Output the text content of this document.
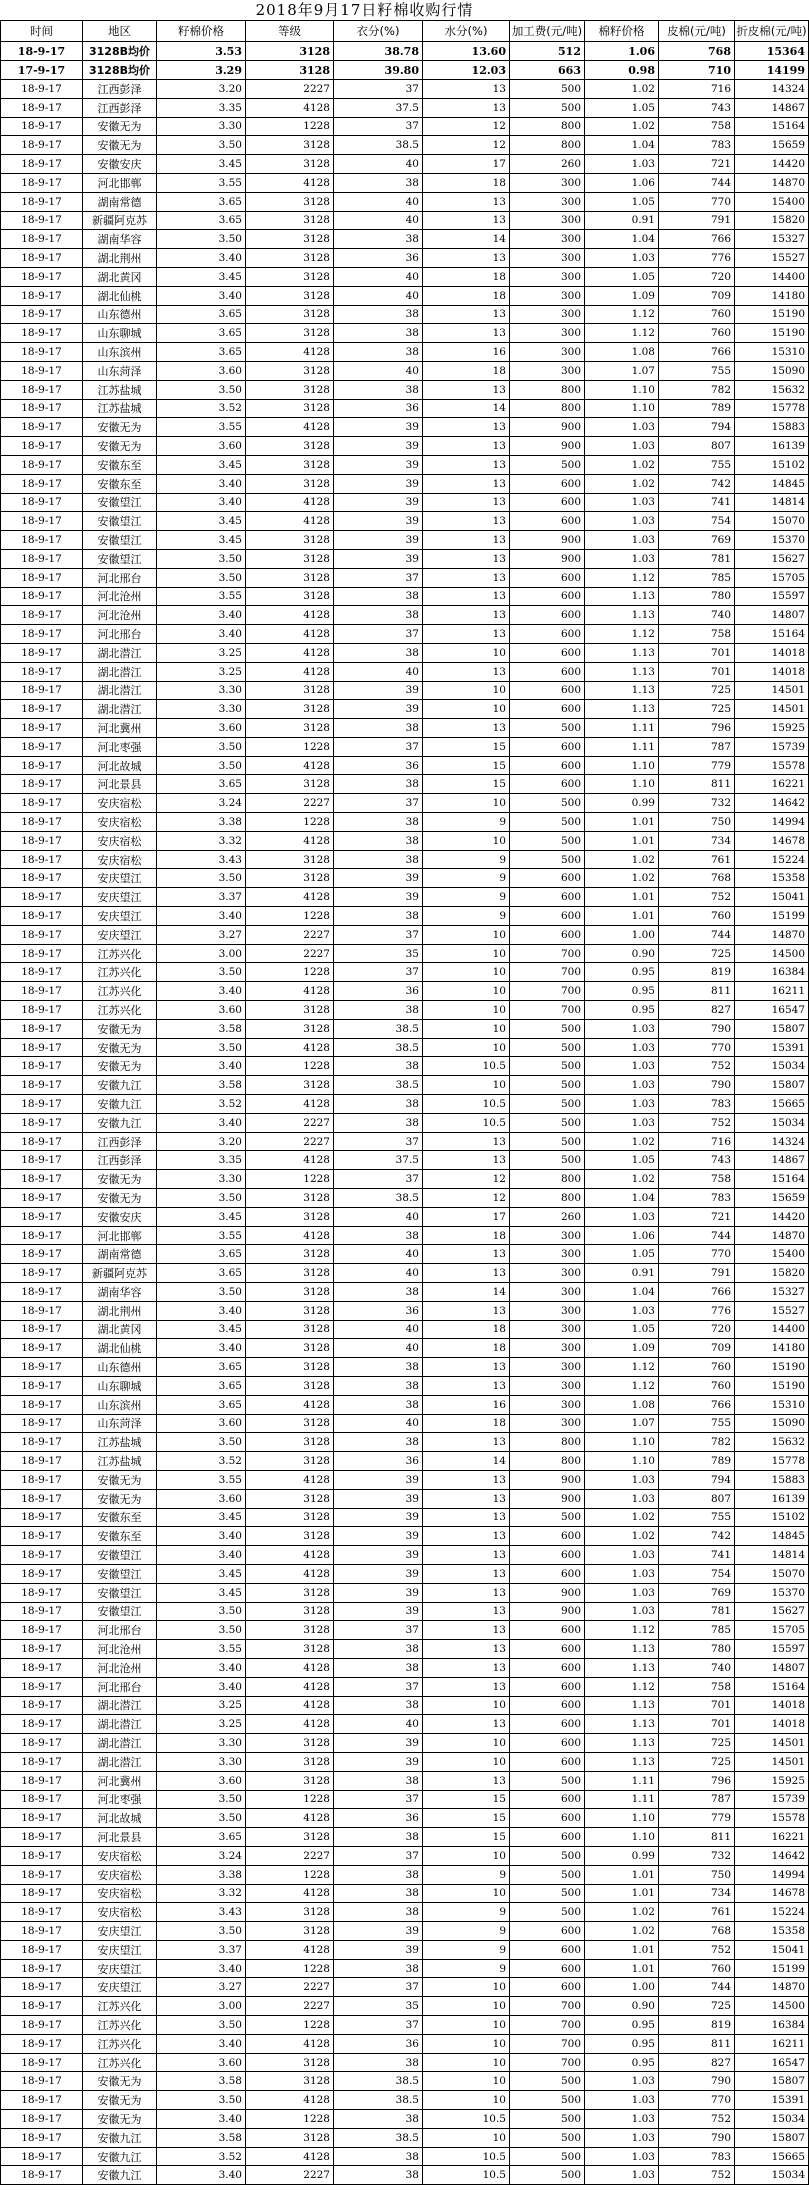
2018年9月17日籽棉收购行情
时间	地区	籽棉价格	等级	衣分(%)	水分(%)	加工费(元/吨)	棉籽价格	皮棉(元/吨)	折皮棉(元/吨)
18-9-17	3128B均价	3.53	3128	38.78	13.60	512	1.06	768	15364
17-9-17	3128B均价	3.29	3128	39.80	12.03	663	0.98	710	14199
18-9-17	江西彭泽	3.20	2227	37	13	500	1.02	716	14324
18-9-17	江西彭泽	3.35	4128	37.5	13	500	1.05	743	14867
18-9-17	安徽无为	3.30	1228	37	12	800	1.02	758	15164
18-9-17	安徽无为	3.50	3128	38.5	12	800	1.04	783	15659
18-9-17	安徽安庆	3.45	3128	40	17	260	1.03	721	14420
18-9-17	河北邯郸	3.55	4128	38	18	300	1.06	744	14870
18-9-17	湖南常德	3.65	3128	40	13	300	1.05	770	15400
18-9-17	新疆阿克苏	3.65	3128	40	13	300	0.91	791	15820
18-9-17	湖南华容	3.50	3128	38	14	300	1.04	766	15327
18-9-17	湖北荆州	3.40	3128	36	13	300	1.03	776	15527
18-9-17	湖北黄冈	3.45	3128	40	18	300	1.05	720	14400
18-9-17	湖北仙桃	3.40	3128	40	18	300	1.09	709	14180
18-9-17	山东德州	3.65	3128	38	13	300	1.12	760	15190
18-9-17	山东聊城	3.65	3128	38	13	300	1.12	760	15190
18-9-17	山东滨州	3.65	4128	38	16	300	1.08	766	15310
18-9-17	山东菏泽	3.60	3128	40	18	300	1.07	755	15090
18-9-17	江苏盐城	3.50	3128	38	13	800	1.10	782	15632
18-9-17	江苏盐城	3.52	3128	36	14	800	1.10	789	15778
18-9-17	安徽无为	3.55	4128	39	13	900	1.03	794	15883
18-9-17	安徽无为	3.60	3128	39	13	900	1.03	807	16139
18-9-17	安徽东至	3.45	3128	39	13	500	1.02	755	15102
18-9-17	安徽东至	3.40	3128	39	13	600	1.02	742	14845
18-9-17	安徽望江	3.40	4128	39	13	600	1.03	741	14814
18-9-17	安徽望江	3.45	4128	39	13	600	1.03	754	15070
18-9-17	安徽望江	3.45	3128	39	13	900	1.03	769	15370
18-9-17	安徽望江	3.50	3128	39	13	900	1.03	781	15627
18-9-17	河北邢台	3.50	3128	37	13	600	1.12	785	15705
18-9-17	河北沧州	3.55	3128	38	13	600	1.13	780	15597
18-9-17	河北沧州	3.40	4128	38	13	600	1.13	740	14807
18-9-17	河北邢台	3.40	4128	37	13	600	1.12	758	15164
18-9-17	湖北潜江	3.25	4128	38	10	600	1.13	701	14018
18-9-17	湖北潜江	3.25	4128	40	13	600	1.13	701	14018
18-9-17	湖北潜江	3.30	3128	39	10	600	1.13	725	14501
18-9-17	湖北潜江	3.30	3128	39	10	600	1.13	725	14501
18-9-17	河北冀州	3.60	3128	38	13	500	1.11	796	15925
18-9-17	河北枣强	3.50	1228	37	15	600	1.11	787	15739
18-9-17	河北故城	3.50	4128	36	15	600	1.10	779	15578
18-9-17	河北景县	3.65	3128	38	15	600	1.10	811	16221
18-9-17	安庆宿松	3.24	2227	37	10	500	0.99	732	14642
18-9-17	安庆宿松	3.38	1228	38	9	500	1.01	750	14994
18-9-17	安庆宿松	3.32	4128	38	10	500	1.01	734	14678
18-9-17	安庆宿松	3.43	3128	38	9	500	1.02	761	15224
18-9-17	安庆望江	3.50	3128	39	9	600	1.02	768	15358
18-9-17	安庆望江	3.37	4128	39	9	600	1.01	752	15041
18-9-17	安庆望江	3.40	1228	38	9	600	1.01	760	15199
18-9-17	安庆望江	3.27	2227	37	10	600	1.00	744	14870
18-9-17	江苏兴化	3.00	2227	35	10	700	0.90	725	14500
18-9-17	江苏兴化	3.50	1228	37	10	700	0.95	819	16384
18-9-17	江苏兴化	3.40	4128	36	10	700	0.95	811	16211
18-9-17	江苏兴化	3.60	3128	38	10	700	0.95	827	16547
18-9-17	安徽无为	3.58	3128	38.5	10	500	1.03	790	15807
18-9-17	安徽无为	3.50	4128	38.5	10	500	1.03	770	15391
18-9-17	安徽无为	3.40	1228	38	10.5	500	1.03	752	15034
18-9-17	安徽九江	3.58	3128	38.5	10	500	1.03	790	15807
18-9-17	安徽九江	3.52	4128	38	10.5	500	1.03	783	15665
18-9-17	安徽九江	3.40	2227	38	10.5	500	1.03	752	15034
18-9-17	江西彭泽	3.20	2227	37	13	500	1.02	716	14324
18-9-17	江西彭泽	3.35	4128	37.5	13	500	1.05	743	14867
18-9-17	安徽无为	3.30	1228	37	12	800	1.02	758	15164
18-9-17	安徽无为	3.50	3128	38.5	12	800	1.04	783	15659
18-9-17	安徽安庆	3.45	3128	40	17	260	1.03	721	14420
18-9-17	河北邯郸	3.55	4128	38	18	300	1.06	744	14870
18-9-17	湖南常德	3.65	3128	40	13	300	1.05	770	15400
18-9-17	新疆阿克苏	3.65	3128	40	13	300	0.91	791	15820
18-9-17	湖南华容	3.50	3128	38	14	300	1.04	766	15327
18-9-17	湖北荆州	3.40	3128	36	13	300	1.03	776	15527
18-9-17	湖北黄冈	3.45	3128	40	18	300	1.05	720	14400
18-9-17	湖北仙桃	3.40	3128	40	18	300	1.09	709	14180
18-9-17	山东德州	3.65	3128	38	13	300	1.12	760	15190
18-9-17	山东聊城	3.65	3128	38	13	300	1.12	760	15190
18-9-17	山东滨州	3.65	4128	38	16	300	1.08	766	15310
18-9-17	山东菏泽	3.60	3128	40	18	300	1.07	755	15090
18-9-17	江苏盐城	3.50	3128	38	13	800	1.10	782	15632
18-9-17	江苏盐城	3.52	3128	36	14	800	1.10	789	15778
18-9-17	安徽无为	3.55	4128	39	13	900	1.03	794	15883
18-9-17	安徽无为	3.60	3128	39	13	900	1.03	807	16139
18-9-17	安徽东至	3.45	3128	39	13	500	1.02	755	15102
18-9-17	安徽东至	3.40	3128	39	13	600	1.02	742	14845
18-9-17	安徽望江	3.40	4128	39	13	600	1.03	741	14814
18-9-17	安徽望江	3.45	4128	39	13	600	1.03	754	15070
18-9-17	安徽望江	3.45	3128	39	13	900	1.03	769	15370
18-9-17	安徽望江	3.50	3128	39	13	900	1.03	781	15627
18-9-17	河北邢台	3.50	3128	37	13	600	1.12	785	15705
18-9-17	河北沧州	3.55	3128	38	13	600	1.13	780	15597
18-9-17	河北沧州	3.40	4128	38	13	600	1.13	740	14807
18-9-17	河北邢台	3.40	4128	37	13	600	1.12	758	15164
18-9-17	湖北潜江	3.25	4128	38	10	600	1.13	701	14018
18-9-17	湖北潜江	3.25	4128	40	13	600	1.13	701	14018
18-9-17	湖北潜江	3.30	3128	39	10	600	1.13	725	14501
18-9-17	湖北潜江	3.30	3128	39	10	600	1.13	725	14501
18-9-17	河北冀州	3.60	3128	38	13	500	1.11	796	15925
18-9-17	河北枣强	3.50	1228	37	15	600	1.11	787	15739
18-9-17	河北故城	3.50	4128	36	15	600	1.10	779	15578
18-9-17	河北景县	3.65	3128	38	15	600	1.10	811	16221
18-9-17	安庆宿松	3.24	2227	37	10	500	0.99	732	14642
18-9-17	安庆宿松	3.38	1228	38	9	500	1.01	750	14994
18-9-17	安庆宿松	3.32	4128	38	10	500	1.01	734	14678
18-9-17	安庆宿松	3.43	3128	38	9	500	1.02	761	15224
18-9-17	安庆望江	3.50	3128	39	9	600	1.02	768	15358
18-9-17	安庆望江	3.37	4128	39	9	600	1.01	752	15041
18-9-17	安庆望江	3.40	1228	38	9	600	1.01	760	15199
18-9-17	安庆望江	3.27	2227	37	10	600	1.00	744	14870
18-9-17	江苏兴化	3.00	2227	35	10	700	0.90	725	14500
18-9-17	江苏兴化	3.50	1228	37	10	700	0.95	819	16384
18-9-17	江苏兴化	3.40	4128	36	10	700	0.95	811	16211
18-9-17	江苏兴化	3.60	3128	38	10	700	0.95	827	16547
18-9-17	安徽无为	3.58	3128	38.5	10	500	1.03	790	15807
18-9-17	安徽无为	3.50	4128	38.5	10	500	1.03	770	15391
18-9-17	安徽无为	3.40	1228	38	10.5	500	1.03	752	15034
18-9-17	安徽九江	3.58	3128	38.5	10	500	1.03	790	15807
18-9-17	安徽九江	3.52	4128	38	10.5	500	1.03	783	15665
18-9-17	安徽九江	3.40	2227	38	10.5	500	1.03	752	15034
